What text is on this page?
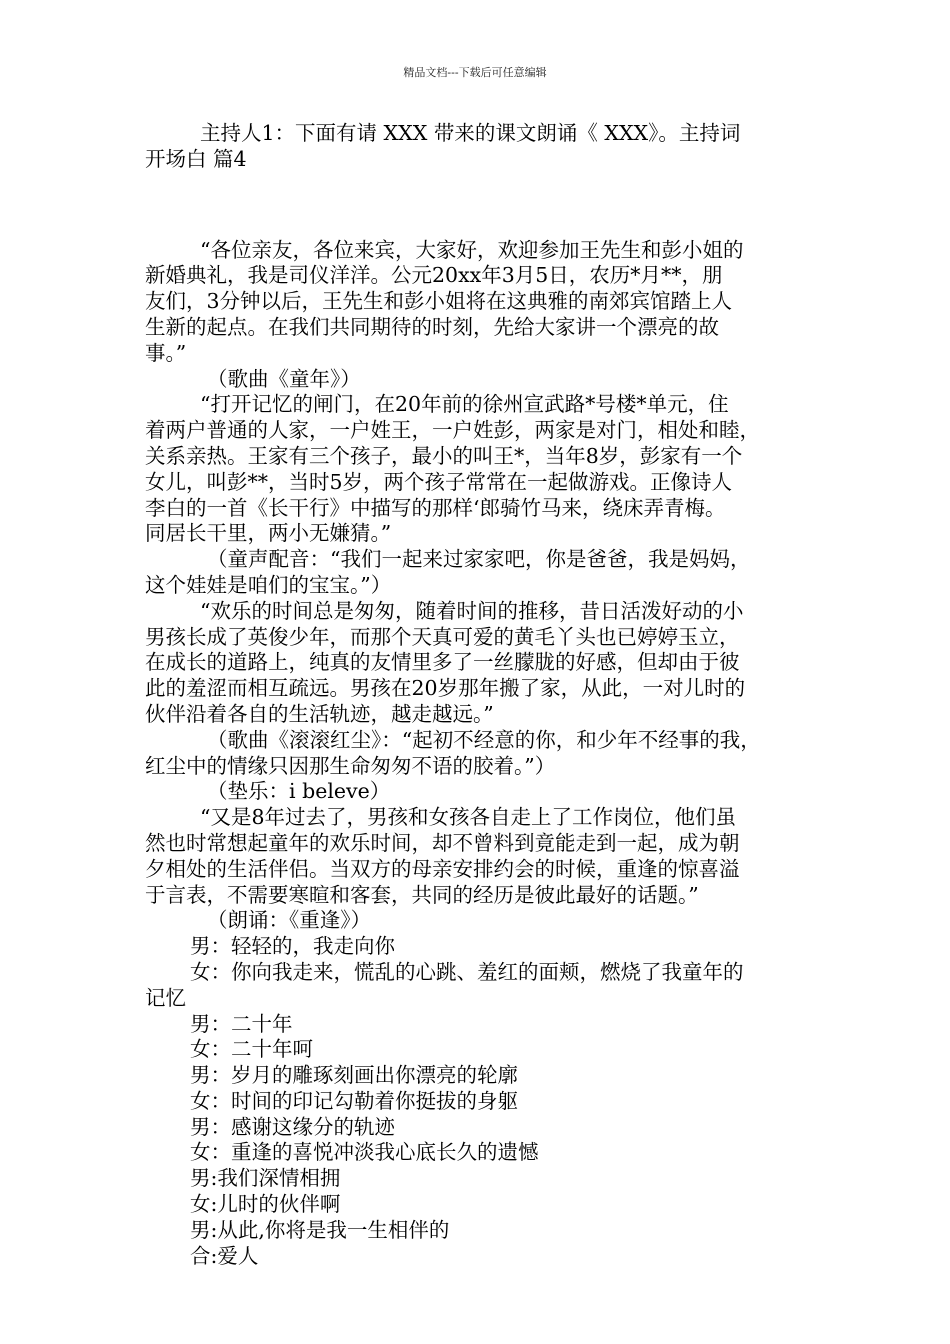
精品文档---下载后可任意编辑
主持人1：下面有请 XXX 带来的课文朗诵《 XXX》。主持词
开场白 篇4
“各位亲友，各位来宾，大家好，欢迎参加王先生和彭小姐的
新婚典礼，我是司仪洋洋。公元20xx年3月5日，农历*月**，朋
友们，3分钟以后，王先生和彭小姐将在这典雅的南郊宾馆踏上人
生新的起点。在我们共同期待的时刻，先给大家讲一个漂亮的故
事。”
（歌曲《童年》）
“打开记忆的闸门，在20年前的徐州宣武路*号楼*单元，住
着两户普通的人家，一户姓王，一户姓彭，两家是对门，相处和睦，
关系亲热。王家有三个孩子，最小的叫王*，当年8岁，彭家有一个
女儿，叫彭**，当时5岁，两个孩子常常在一起做游戏。正像诗人
李白的一首《长干行》中描写的那样‘郎骑竹马来，绕床弄青梅。
同居长干里，两小无嫌猜。”
（童声配音：“我们一起来过家家吧，你是爸爸，我是妈妈，
这个娃娃是咱们的宝宝。”）
“欢乐的时间总是匆匆，随着时间的推移，昔日活泼好动的小
男孩长成了英俊少年，而那个天真可爱的黄毛丫头也已婷婷玉立，
在成长的道路上，纯真的友情里多了一丝朦胧的好感，但却由于彼
此的羞涩而相互疏远。男孩在20岁那年搬了家，从此，一对儿时的
伙伴沿着各自的生活轨迹，越走越远。”
（歌曲《滚滚红尘》：“起初不经意的你，和少年不经事的我，
红尘中的情缘只因那生命匆匆不语的胶着。”）
（垫乐：i beleve）
“又是8年过去了，男孩和女孩各自走上了工作岗位，他们虽
然也时常想起童年的欢乐时间，却不曾料到竟能走到一起，成为朝
夕相处的生活伴侣。当双方的母亲安排约会的时候，重逢的惊喜溢
于言表，不需要寒暄和客套，共同的经历是彼此最好的话题。”
（朗诵：《重逢》）
男：轻轻的，我走向你
女：你向我走来，慌乱的心跳、羞红的面颊，燃烧了我童年的
记忆
男：二十年
女：二十年呵
男：岁月的雕琢刻画出你漂亮的轮廓
女：时间的印记勾勒着你挺拔的身躯
男：感谢这缘分的轨迹
女：重逢的喜悦冲淡我心底长久的遗憾
男:我们深情相拥
女:儿时的伙伴啊
男:从此,你将是我一生相伴的
合:爱人
